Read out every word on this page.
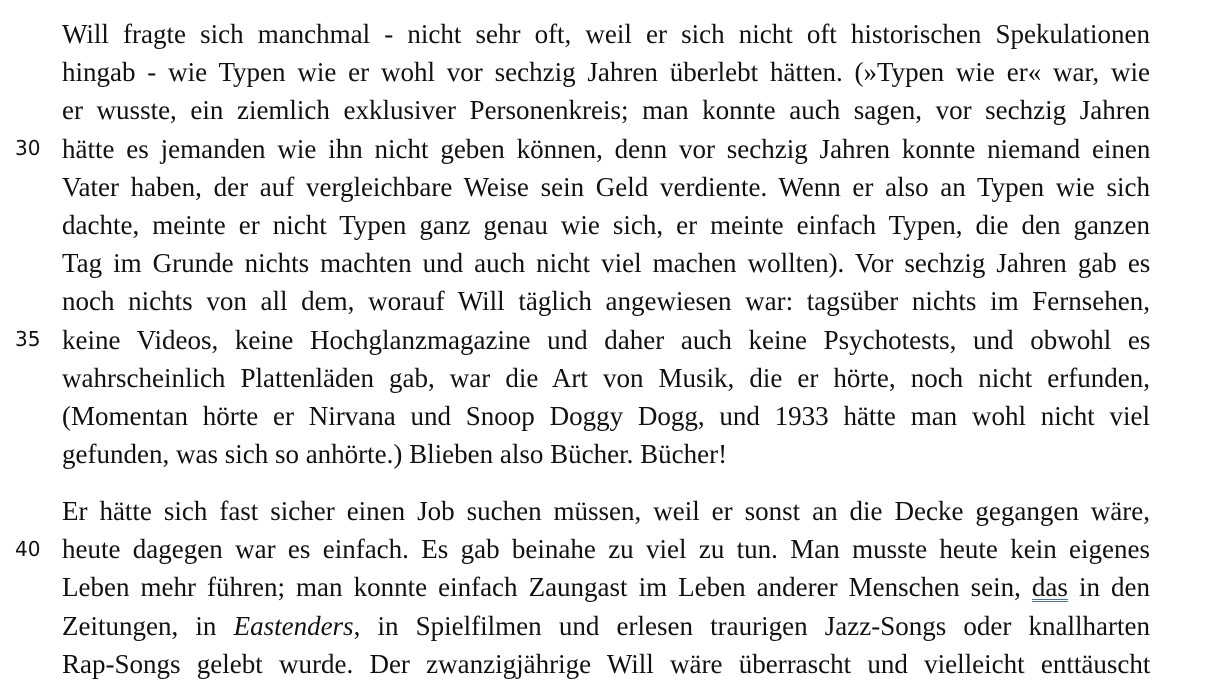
30
35
40
Will fragte sich manchmal - nicht sehr oft, weil er sich nicht oft historischen Spekulationen
hingab - wie Typen wie er wohl vor sechzig Jahren überlebt hätten. (»Typen wie er« war, wie
er wusste, ein ziemlich exklusiver Personenkreis; man konnte auch sagen, vor sechzig Jahren
hätte es jemanden wie ihn nicht geben können, denn vor sechzig Jahren konnte niemand einen
Vater haben, der auf vergleichbare Weise sein Geld verdiente. Wenn er also an Typen wie sich
dachte, meinte er nicht Typen ganz genau wie sich, er meinte einfach Typen, die den ganzen
Tag im Grunde nichts machten und auch nicht viel machen wollten). Vor sechzig Jahren gab es
noch nichts von all dem, worauf Will täglich angewiesen war: tagsüber nichts im Fernsehen,
keine Videos, keine Hochglanzmagazine und daher auch keine Psychotests, und obwohl es
wahrscheinlich Plattenläden gab, war die Art von Musik, die er hörte, noch nicht erfunden,
(Momentan hörte er Nirvana und Snoop Doggy Dogg, und 1933 hätte man wohl nicht viel
gefunden, was sich so anhörte.) Blieben also Bücher. Bücher!
Er hätte sich fast sicher einen Job suchen müssen, weil er sonst an die Decke gegangen wäre,
heute dagegen war es einfach. Es gab beinahe zu viel zu tun. Man musste heute kein eigenes
Leben mehr führen; man konnte einfach Zaungast im Leben anderer Menschen sein, das in den
Zeitungen, in Eastenders, in Spielfilmen und erlesen traurigen Jazz-Songs oder knallharten
Rap-Songs gelebt wurde. Der zwanzigjährige Will wäre überrascht und vielleicht enttäuscht
